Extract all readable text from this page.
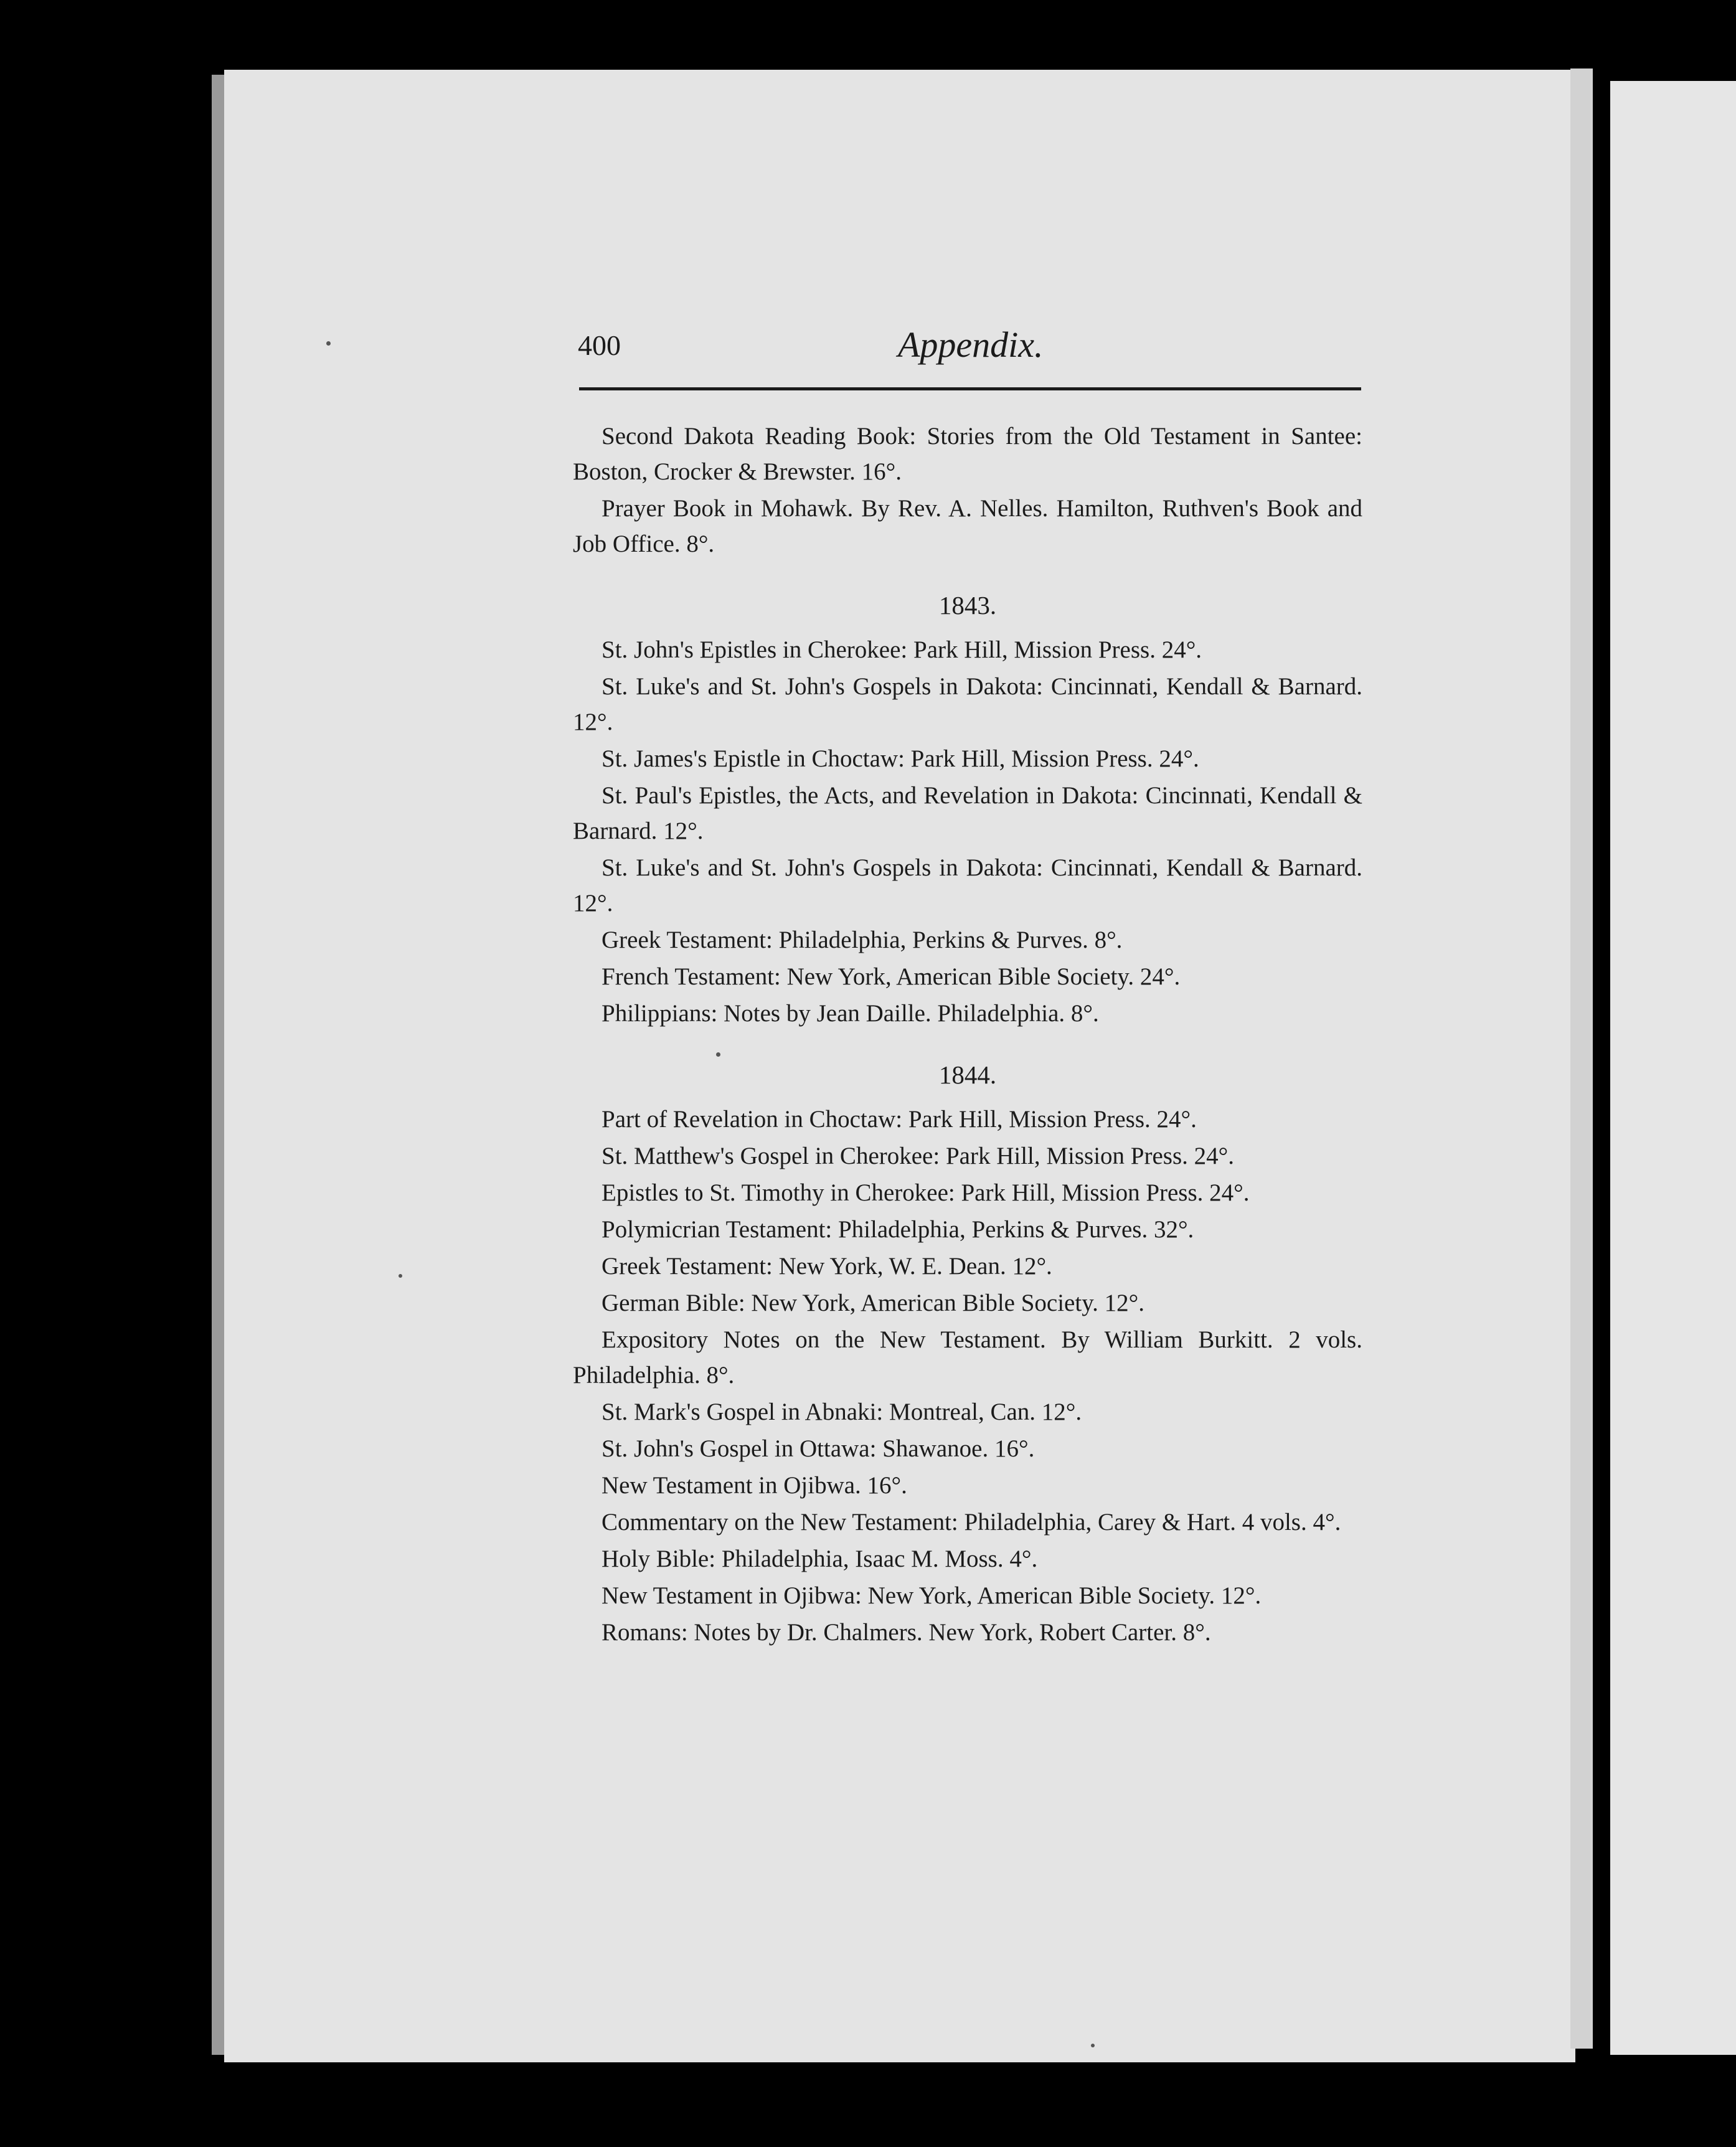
400	Appendix.

Second Dakota Reading Book: Stories from the Old Testament in Santee: Boston, Crocker & Brewster. 16°.

Prayer Book in Mohawk. By Rev. A. Nelles. Hamilton, Ruthven's Book and Job Office. 8°.

1843.

St. John's Epistles in Cherokee: Park Hill, Mission Press. 24°.

St. Luke's and St. John's Gospels in Dakota: Cincinnati, Kendall & Barnard. 12°.

St. James's Epistle in Choctaw: Park Hill, Mission Press. 24°.

St. Paul's Epistles, the Acts, and Revelation in Dakota: Cincinnati, Kendall & Barnard. 12°.

St. Luke's and St. John's Gospels in Dakota: Cincinnati, Kendall & Barnard. 12°.

Greek Testament: Philadelphia, Perkins & Purves. 8°.

French Testament: New York, American Bible Society. 24°.

Philippians: Notes by Jean Daille. Philadelphia. 8°.

1844.

Part of Revelation in Choctaw: Park Hill, Mission Press. 24°.

St. Matthew's Gospel in Cherokee: Park Hill, Mission Press. 24°.

Epistles to St. Timothy in Cherokee: Park Hill, Mission Press. 24°.

Polymicrian Testament: Philadelphia, Perkins & Purves. 32°.

Greek Testament: New York, W. E. Dean. 12°.

German Bible: New York, American Bible Society. 12°.

Expository Notes on the New Testament. By William Burkitt. 2 vols. Philadelphia. 8°.

St. Mark's Gospel in Abnaki: Montreal, Can. 12°.

St. John's Gospel in Ottawa: Shawanoe. 16°.

New Testament in Ojibwa. 16°.

Commentary on the New Testament: Philadelphia, Carey & Hart. 4 vols. 4°.

Holy Bible: Philadelphia, Isaac M. Moss. 4°.

New Testament in Ojibwa: New York, American Bible Society. 12°.

Romans: Notes by Dr. Chalmers. New York, Robert Carter. 8°.
